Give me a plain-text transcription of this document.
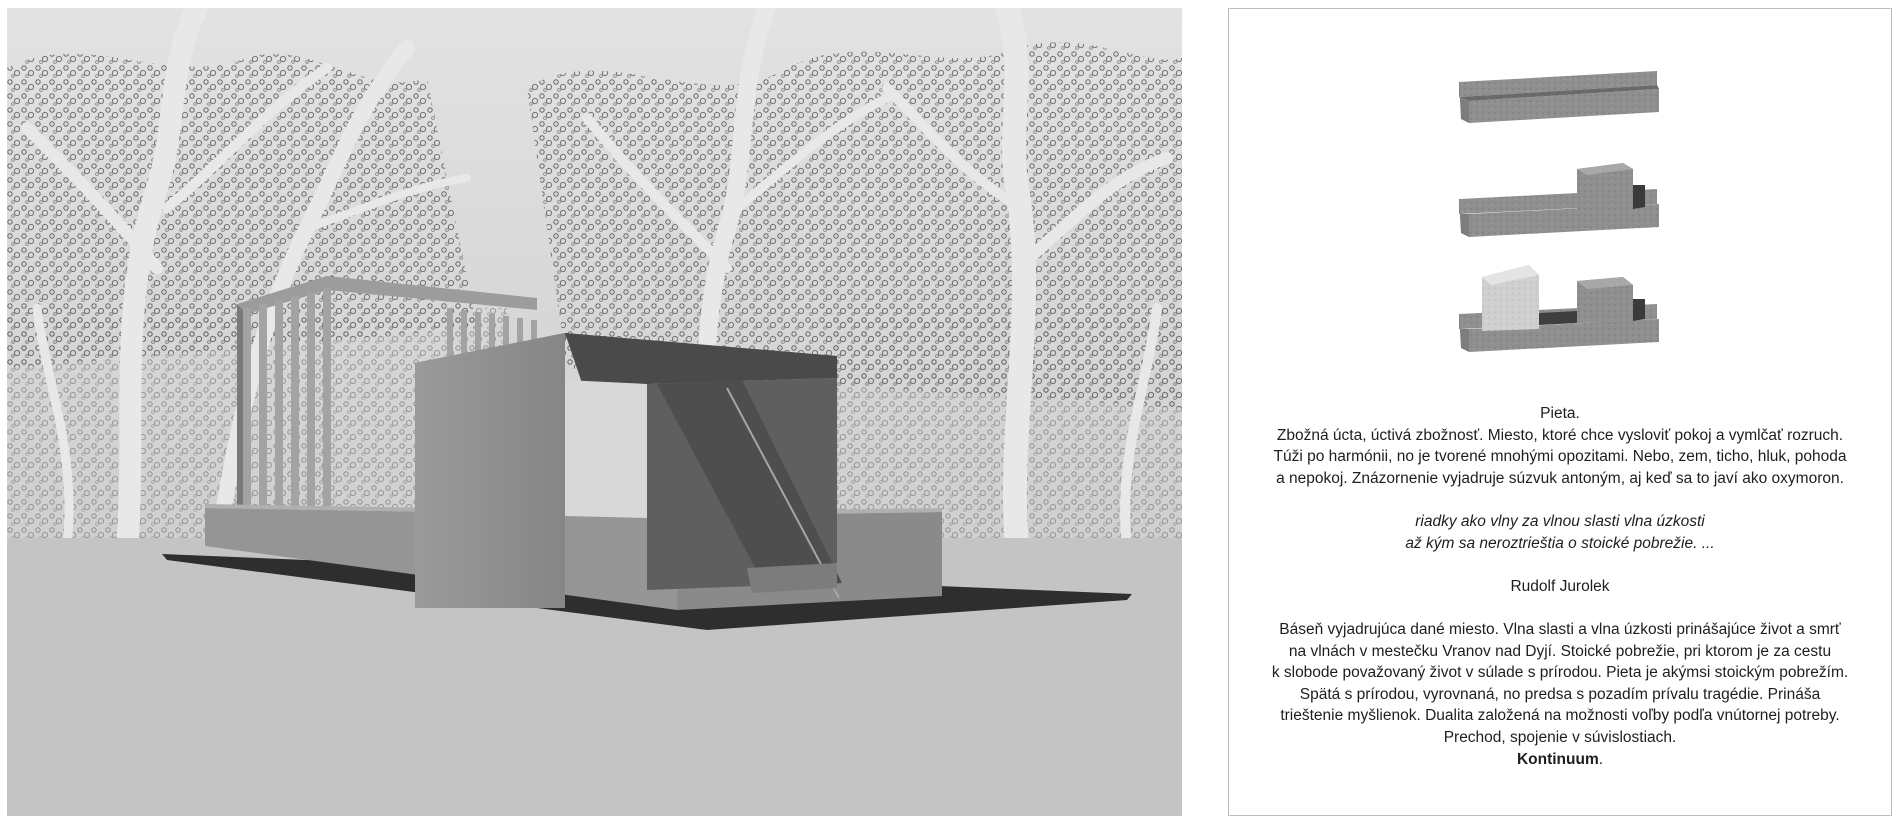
Pieta.

Zbožná úcta, úctivá zbožnosť. Miesto, ktoré chce vysloviť pokoj a vymlčať rozruch.

Túži po harmónii, no je tvorené mnohými opozitami. Nebo, zem, ticho, hluk, pohoda

a nepokoj. Znázornenie vyjadruje súzvuk antoným, aj keď sa to javí ako oxymoron.

riadky ako vlny za vlnou slasti vlna úzkosti

až kým sa neroztrieštia o stoické pobrežie. ...

Rudolf Jurolek

Báseň vyjadrujúca dané miesto. Vlna slasti a vlna úzkosti prinášajúce život a smrť

na vlnách v mestečku Vranov nad Dyjí. Stoické pobrežie, pri ktorom je za cestu

k slobode považovaný život v súlade s prírodou. Pieta je akýmsi stoickým pobrežím.

Spätá s prírodou, vyrovnaná, no predsa s pozadím prívalu tragédie. Prináša

trieštenie myšlienok. Dualita založená na možnosti voľby podľa vnútornej potreby.

Prechod, spojenie v súvislostiach.

Kontinuum.
